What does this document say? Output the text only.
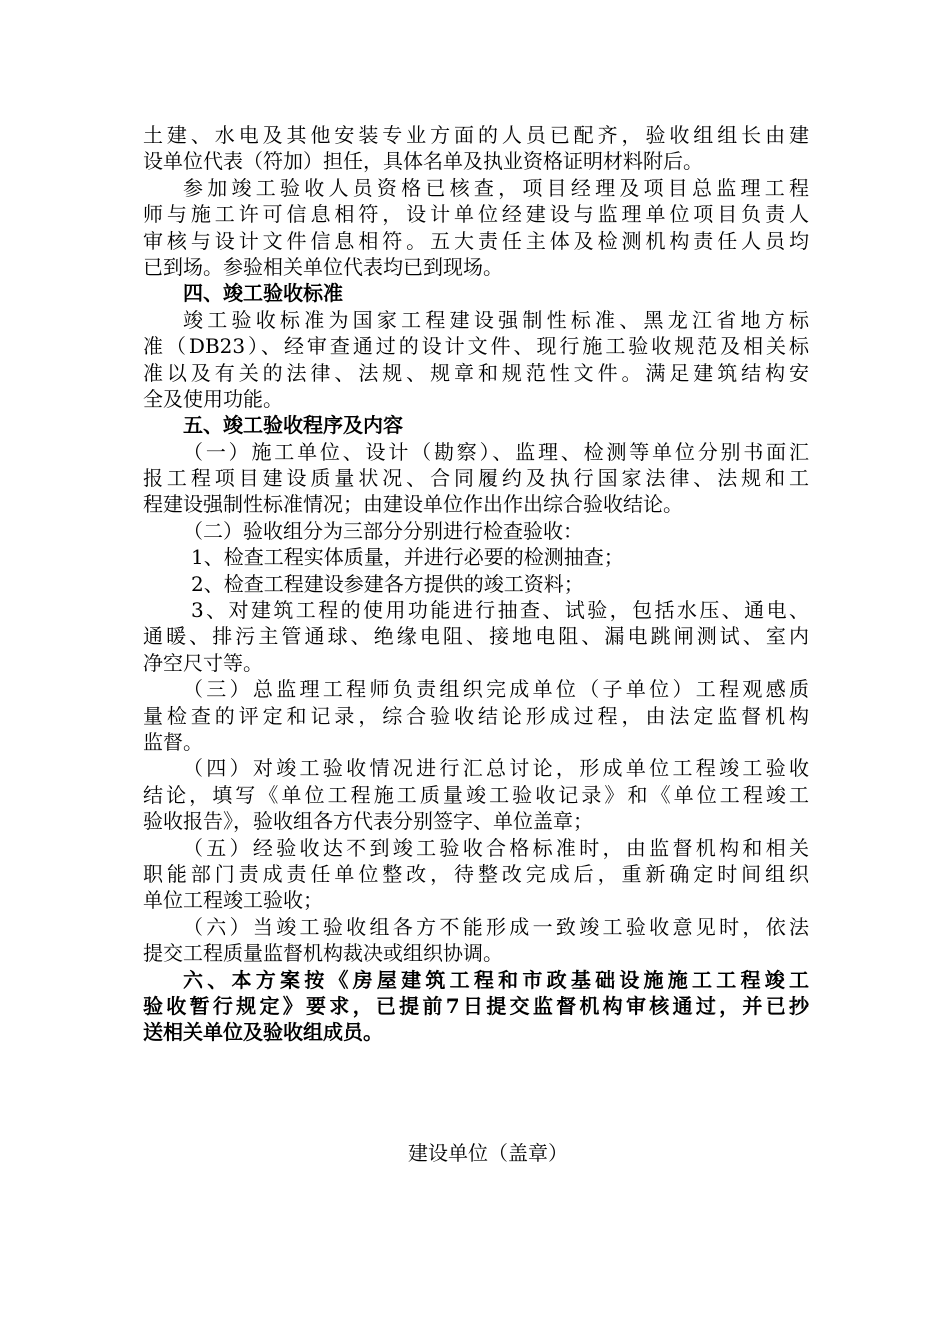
土建、水电及其他安装专业方面的人员已配齐，验收组组长由建
设单位代表（符加）担任，具体名单及执业资格证明材料附后。
参加竣工验收人员资格已核查，项目经理及项目总监理工程
师与施工许可信息相符，设计单位经建设与监理单位项目负责人
审核与设计文件信息相符。五大责任主体及检测机构责任人员均
已到场。参验相关单位代表均已到现场。
四、竣工验收标准
竣工验收标准为国家工程建设强制性标准、黑龙江省地方标
准（DB23）、经审查通过的设计文件、现行施工验收规范及相关标
准以及有关的法律、法规、规章和规范性文件。满足建筑结构安
全及使用功能。
五、竣工验收程序及内容
（一）施工单位、设计（勘察）、监理、检测等单位分别书面汇
报工程项目建设质量状况、合同履约及执行国家法律、法规和工
程建设强制性标准情况；由建设单位作出作出综合验收结论。
（二）验收组分为三部分分别进行检查验收：
1、检查工程实体质量，并进行必要的检测抽查；
2、检查工程建设参建各方提供的竣工资料；
3、对建筑工程的使用功能进行抽查、试验，包括水压、通电、
通暖、排污主管通球、绝缘电阻、接地电阻、漏电跳闸测试、室内
净空尺寸等。
（三）总监理工程师负责组织完成单位（子单位）工程观感质
量检查的评定和记录，综合验收结论形成过程，由法定监督机构
监督。
（四）对竣工验收情况进行汇总讨论，形成单位工程竣工验收
结论，填写《单位工程施工质量竣工验收记录》和《单位工程竣工
验收报告》，验收组各方代表分别签字、单位盖章；
（五）经验收达不到竣工验收合格标准时，由监督机构和相关
职能部门责成责任单位整改，待整改完成后，重新确定时间组织
单位工程竣工验收；
（六）当竣工验收组各方不能形成一致竣工验收意见时，依法
提交工程质量监督机构裁决或组织协调。
六、本方案按《房屋建筑工程和市政基础设施施工工程竣工
验收暂行规定》要求，已提前7日提交监督机构审核通过，并已抄
送相关单位及验收组成员。
建设单位（盖章）
